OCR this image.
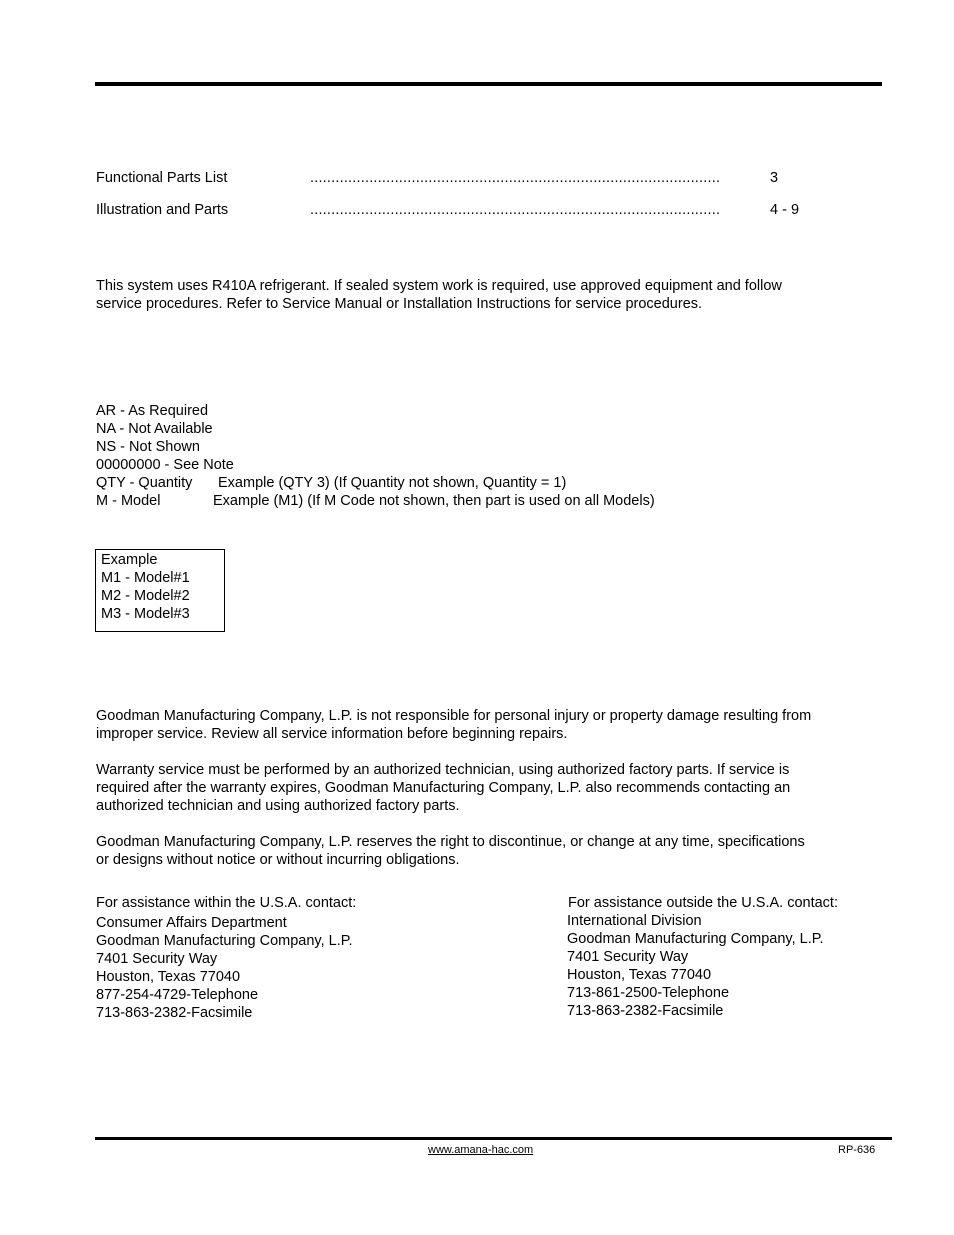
Functional Parts List	.................................................................................................	3
Illustration and Parts	.................................................................................................	4 - 9
This system uses R410A refrigerant. If sealed system work is required, use approved equipment and follow
service procedures. Refer to Service Manual or Installation Instructions for service procedures.
AR - As Required
NA - Not Available
NS - Not Shown
00000000 - See Note
QTY - Quantity Example (QTY 3) (If Quantity not shown, Quantity = 1)
M - Model	Example (M1) (If M Code not shown, then part is used on all Models)
Example
M1 - Model#1
M2 - Model#2
M3 - Model#3
Goodman Manufacturing Company, L.P. is not responsible for personal injury or property damage resulting from
improper service. Review all service information before beginning repairs.
Warranty service must be performed by an authorized technician, using authorized factory parts. If service is
required after the warranty expires, Goodman Manufacturing Company, L.P. also recommends contacting an
authorized technician and using authorized factory parts.
Goodman Manufacturing Company, L.P. reserves the right to discontinue, or change at any time, specifications
or designs without notice or without incurring obligations.
For assistance within the U.S.A. contact:
Consumer Affairs Department
Goodman Manufacturing Company, L.P.
7401 Security Way
Houston, Texas 77040
877-254-4729-Telephone
713-863-2382-Facsimile
For assistance outside the U.S.A. contact:
International Division
Goodman Manufacturing Company, L.P.
7401 Security Way
Houston, Texas 77040
713-861-2500-Telephone
713-863-2382-Facsimile
www.amana-hac.com	RP-636
